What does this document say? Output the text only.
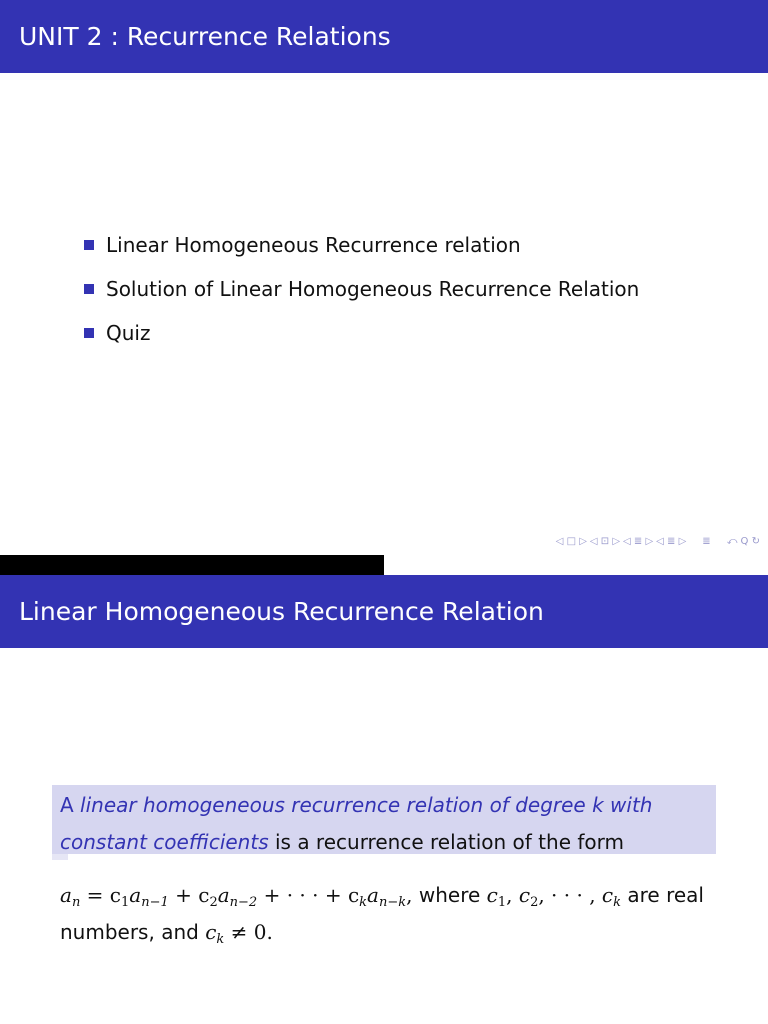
UNIT 2 : Recurrence Relations
Linear Homogeneous Recurrence relation
Solution of Linear Homogeneous Recurrence Relation
Quiz
◁ □ ▷ ◁ ⊡ ▷ ◁ ≣ ▷ ◁ ≣ ▷ ≣ ⤺ Q ↻
Linear Homogeneous Recurrence Relation
A linear homogeneous recurrence relation of degree k with constant coefficients is a recurrence relation of the form
$a_n = c_1a_{n-1} + c_2a_{n-2}$ + · · · + $c_ka_{n-k}$, where $c_1$, $c_2$, · · · , $c_k$ are real numbers, and $c_k \ne 0$.
